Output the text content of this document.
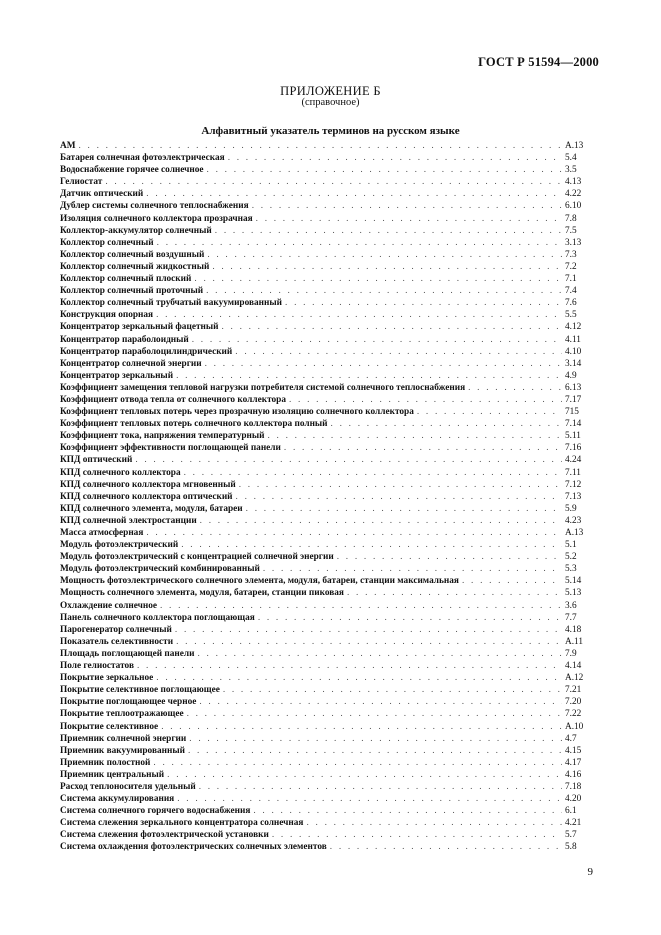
ГОСТ Р 51594—2000
ПРИЛОЖЕНИЕ Б
(справочное)
Алфавитный указатель терминов на русском языке
АМ . . .	А.13
Батарея солнечная фотоэлектрическая . . .	5.4
Водоснабжение горячее солнечное . . .	3.5
Гелиостат . . .	4.13
Датчик оптический . . .	4.22
Дублер системы солнечного теплоснабжения . . .	6.10
Изоляция солнечного коллектора прозрачная . . .	7.8
Коллектор-аккумулятор солнечный . . .	7.5
Коллектор солнечный . . .	3.13
Коллектор солнечный воздушный . . .	7.3
Коллектор солнечный жидкостный . . .	7.2
Коллектор солнечный плоский . . .	7.1
Коллектор солнечный проточный . . .	7.4
Коллектор солнечный трубчатый вакуумированный . . .	7.6
Конструкция опорная . . .	5.5
Концентратор зеркальный фацетный . . .	4.12
Концентратор параболоидный . . .	4.11
Концентратор параболоцилиндрический . . .	4.10
Концентратор солнечной энергии . . .	3.14
Концентратор зеркальный . . .	4.9
Коэффициент замещения тепловой нагрузки потребителя системой солнечного теплоснабжения . . .	6.13
Коэффициент отвода тепла от солнечного коллектора . . .	7.17
Коэффициент тепловых потерь через прозрачную изоляцию солнечного коллектора . . .	715
Коэффициент тепловых потерь солнечного коллектора полный . . .	7.14
Коэффициент тока, напряжения температурный . . .	5.11
Коэффициент эффективности поглощающей панели . . .	7.16
КПД оптический . . .	4.24
КПД солнечного коллектора . . .	7.11
КПД солнечного коллектора мгновенный . . .	7.12
КПД солнечного коллектора оптический . . .	7.13
КПД солнечного элемента, модуля, батареи . . .	5.9
КПД солнечной электростанции . . .	4.23
Масса атмосферная . . .	А.13
Модуль фотоэлектрический . . .	5.1
Модуль фотоэлектрический с концентрацией солнечной энергии . . .	5.2
Модуль фотоэлектрический комбинированный . . .	5.3
Мощность фотоэлектрического солнечного элемента, модуля, батареи, станции максимальная . . .	5.14
Мощность солнечного элемента, модуля, батареи, станции пиковая . . .	5.13
Охлаждение солнечное . . .	3.6
Панель солнечного коллектора поглощающая . . .	7.7
Парогенератор солнечный . . .	4.18
Показатель селективности . . .	А.11
Площадь поглощающей панели . . .	7.9
Поле гелиостатов . . .	4.14
Покрытие зеркальное . . .	А.12
Покрытие селективное поглощающее . . .	7.21
Покрытие поглощающее черное . . .	7.20
Покрытие теплоотражающее . . .	7.22
Покрытие селективное . . .	А.10
Приемник солнечной энергии . . .	4.7
Приемник вакуумированный . . .	4.15
Приемник полостной . . .	4.17
Приемник центральный . . .	4.16
Расход теплоносителя удельный . . .	7.18
Система аккумулирования . . .	4.20
Система солнечного горячего водоснабжения . . .	6.1
Система слежения зеркального концентратора солнечная . . .	4.21
Система слежения фотоэлектрической установки . . .	5.7
Система охлаждения фотоэлектрических солнечных элементов . . .	5.8
9
